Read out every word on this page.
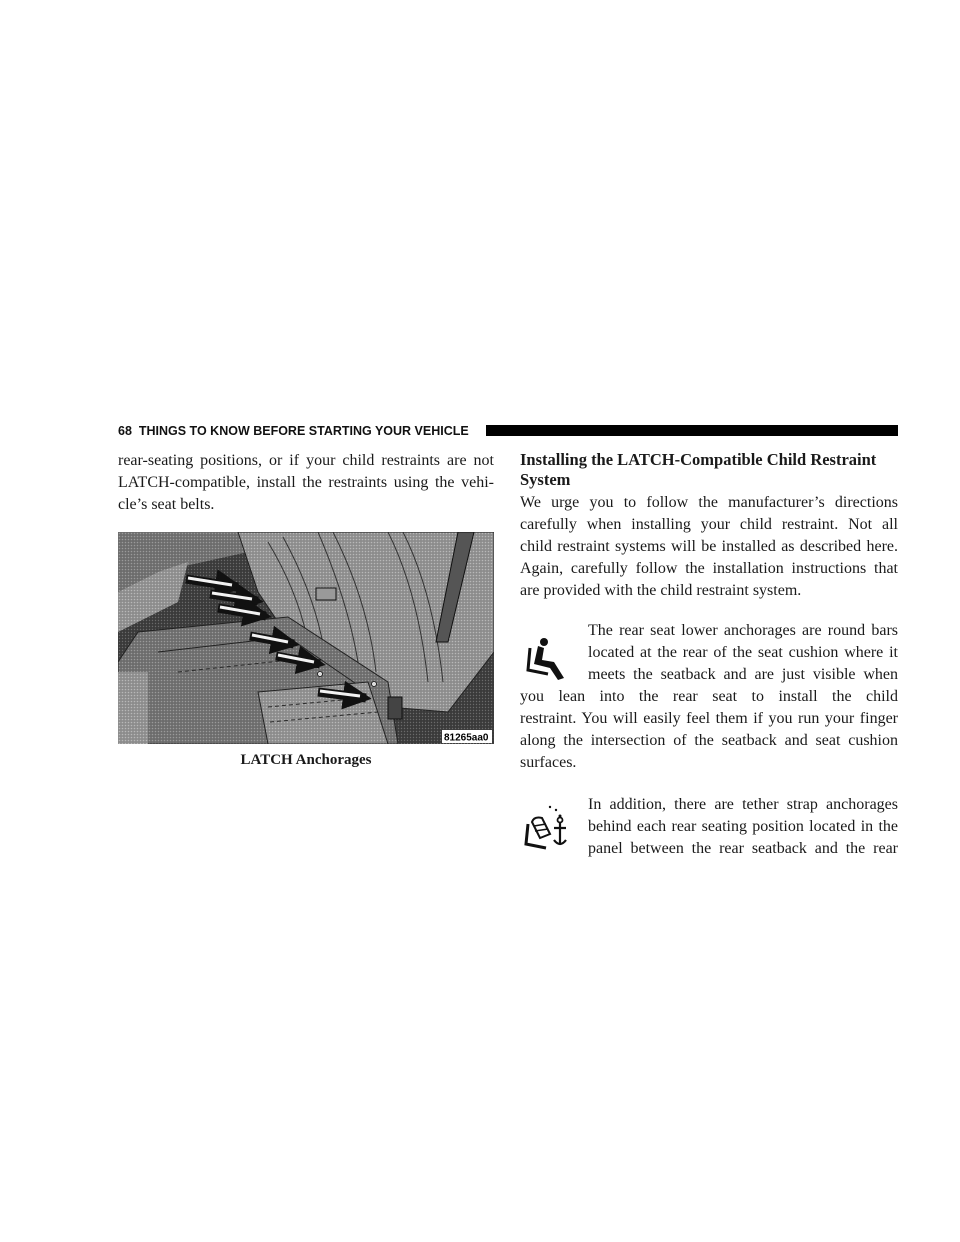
68 THINGS TO KNOW BEFORE STARTING YOUR VEHICLE

rear-seating positions, or if your child restraints are not
LATCH-compatible, install the restraints using the vehi-
cle’s seat belts.

81265aa0
LATCH Anchorages
Installing the LATCH-Compatible Child Restraint
System

We urge you to follow the manufacturer’s directions
carefully when installing your child restraint. Not all
child restraint systems will be installed as described here.
Again, carefully follow the installation instructions that
are provided with the child restraint system.

The rear seat lower anchorages are round bars
located at the rear of the seat cushion where it
meets the seatback and are just visible when
you lean into the rear seat to install the child
restraint. You will easily feel them if you run your finger
along the intersection of the seatback and seat cushion
surfaces.

In addition, there are tether strap anchorages
behind each rear seating position located in the
panel between the rear seatback and the rear
